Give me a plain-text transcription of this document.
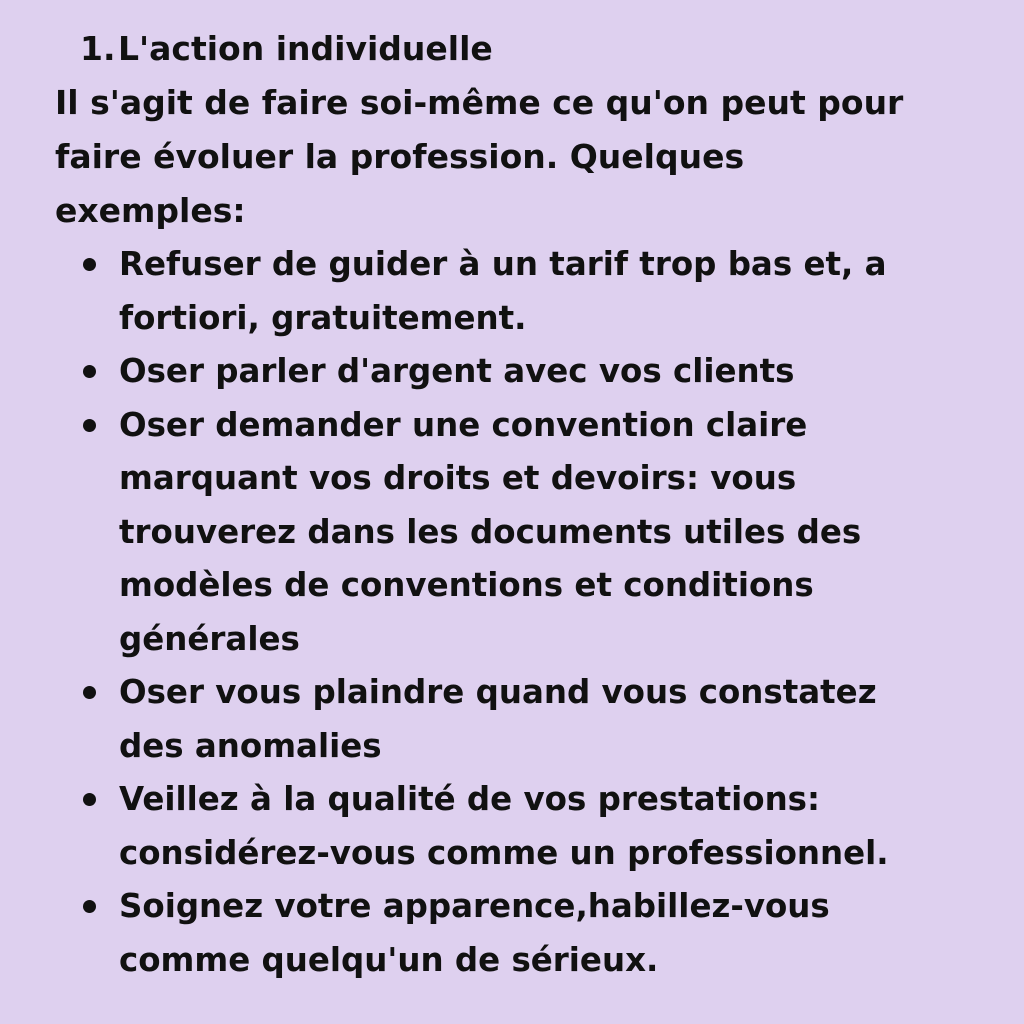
1.L'action individuelle
Il s'agit de faire soi-même ce qu'on peut pour
faire évoluer la profession. Quelques
exemples:
Refuser de guider à un tarif trop bas et, a
fortiori, gratuitement.
Oser parler d'argent avec vos clients
Oser demander une convention claire
marquant vos droits et devoirs: vous
trouverez dans les documents utiles des
modèles de conventions et conditions
générales
Oser vous plaindre quand vous constatez
des anomalies
Veillez à la qualité de vos prestations:
considérez-vous comme un professionnel.
Soignez votre apparence,habillez-vous
comme quelqu'un de sérieux.
